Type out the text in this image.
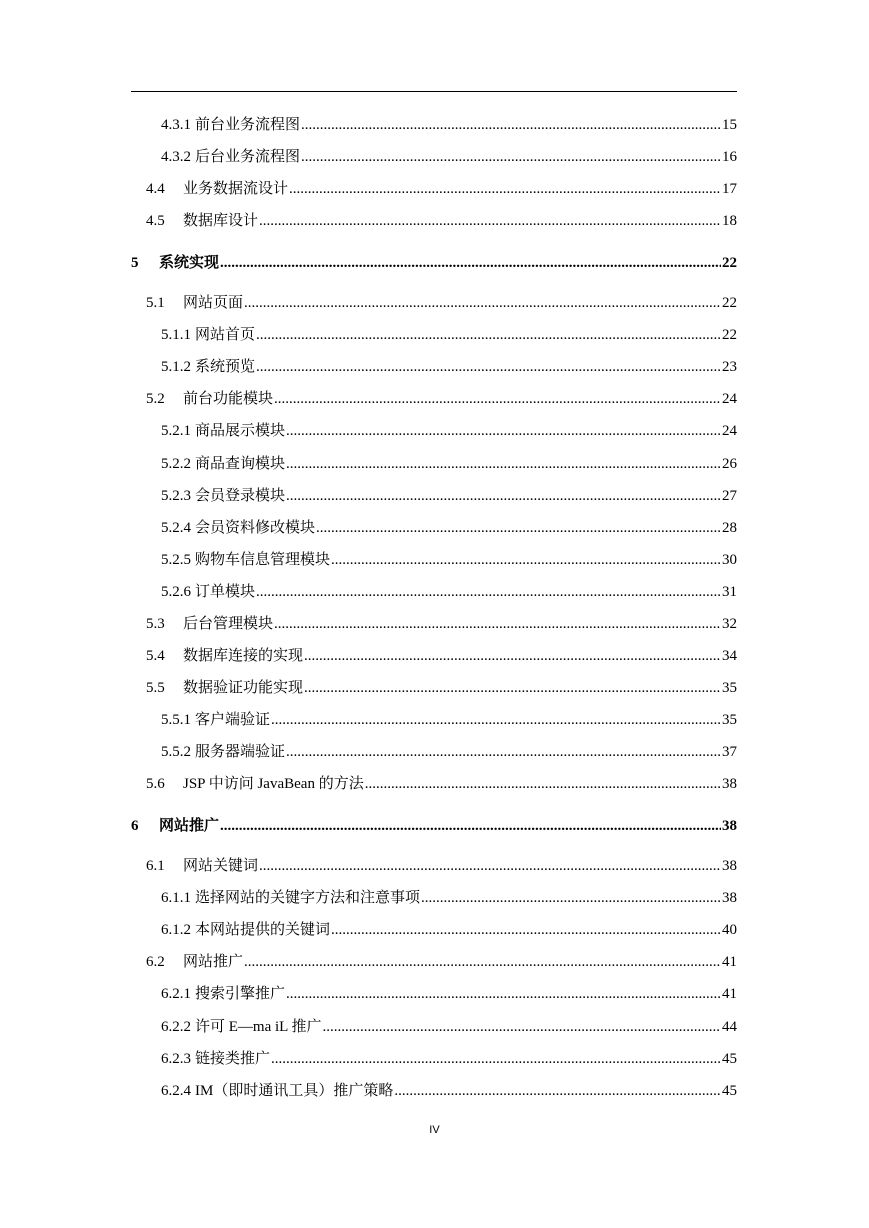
4.3.1 前台业务流程图 .....	15
4.3.2 后台业务流程图 .....	16
4.4	业务数据流设计 .....	17
4.5	数据库设计 .....	18
5	系统实现 .....	22
5.1	网站页面 .....	22
5.1.1 网站首页 .....	22
5.1.2 系统预览 .....	23
5.2	前台功能模块 .....	24
5.2.1 商品展示模块 .....	24
5.2.2 商品查询模块 .....	26
5.2.3 会员登录模块 .....	27
5.2.4 会员资料修改模块 .....	28
5.2.5 购物车信息管理模块 .....	30
5.2.6 订单模块 .....	31
5.3	后台管理模块 .....	32
5.4	数据库连接的实现 .....	34
5.5	数据验证功能实现 .....	35
5.5.1 客户端验证 .....	35
5.5.2 服务器端验证 .....	37
5.6	JSP 中访问 JavaBean 的方法 .....	38
6	网站推广 .....	38
6.1	网站关键词 .....	38
6.1.1 选择网站的关键字方法和注意事项 .....	38
6.1.2 本网站提供的关键词 .....	40
6.2	网站推广 .....	41
6.2.1 搜索引擎推广 .....	41
6.2.2 许可 E—ma iL 推广 .....	44
6.2.3 链接类推广 .....	45
6.2.4 IM（即时通讯工具）推广策略 .....	45
IV
